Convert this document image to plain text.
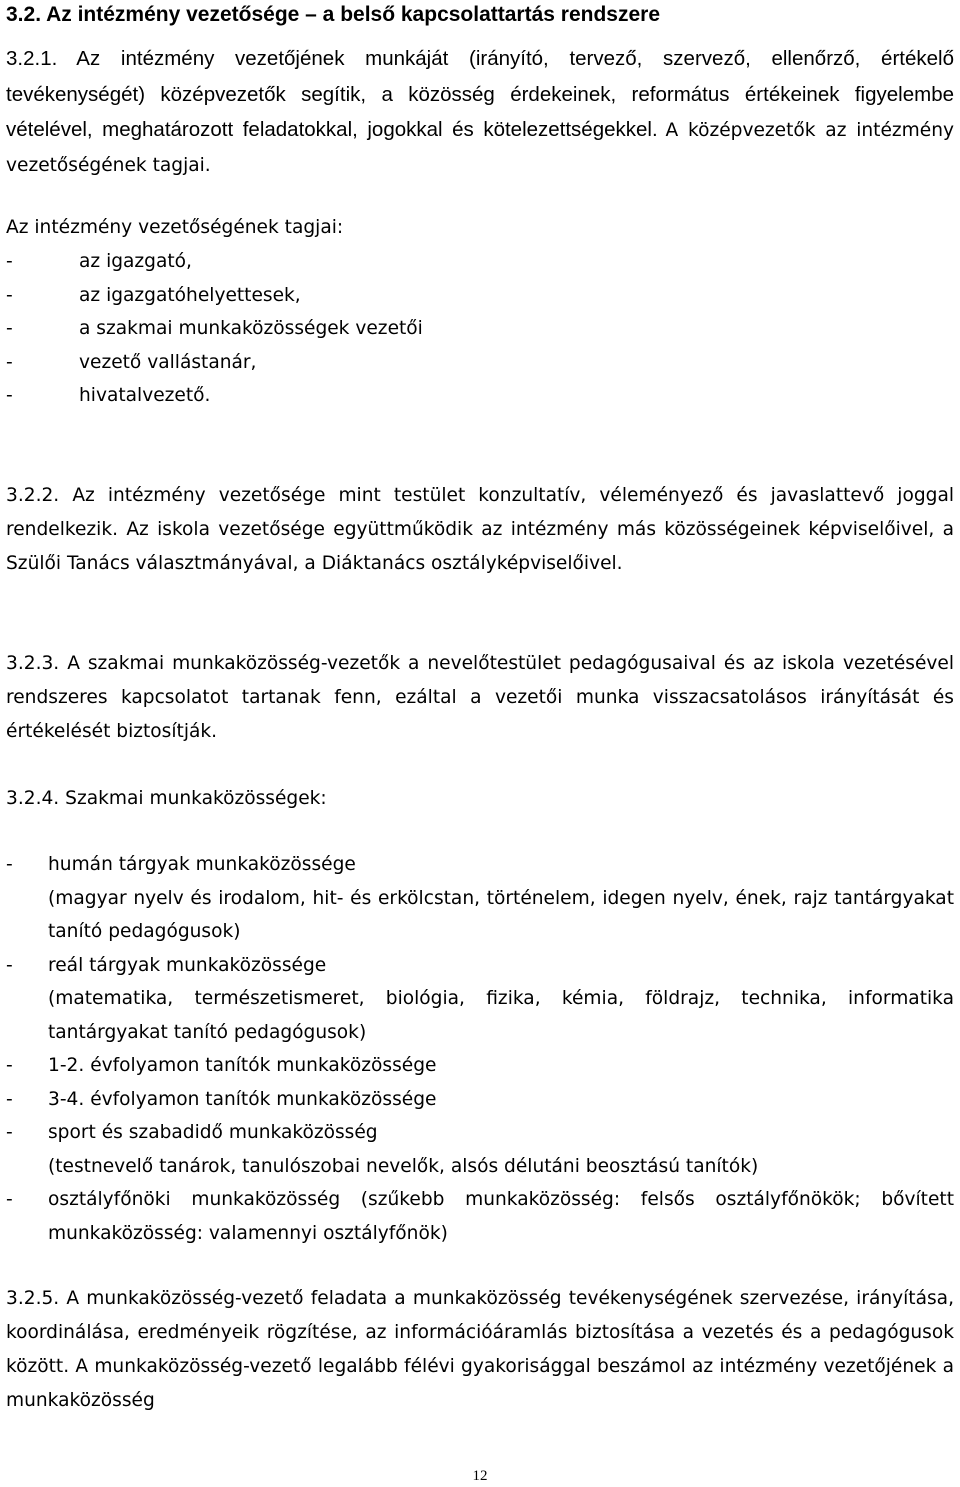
3.2. Az intézmény vezetősége – a belső kapcsolattartás rendszere
3.2.1. Az intézmény vezetőjének munkáját (irányító, tervező, szervező, ellenőrző, értékelő tevékenységét) középvezetők segítik, a közösség érdekeinek, református értékeinek figyelembe vételével, meghatározott feladatokkal, jogokkal és kötelezettségekkel. A középvezetők az intézmény vezetőségének tagjai.
Az intézmény vezetőségének tagjai:
-	az igazgató,
-	az igazgatóhelyettesek,
-	a szakmai munkaközösségek vezetői
-	vezető vallástanár,
-	hivatalvezető.
3.2.2. Az intézmény vezetősége mint testület konzultatív, véleményező és javaslattevő joggal rendelkezik. Az iskola vezetősége együttműködik az intézmény más közösségeinek képviselőivel, a Szülői Tanács választmányával, a Diáktanács osztályképviselőivel.
3.2.3. A szakmai munkaközösség-vezetők a nevelőtestület pedagógusaival és az iskola vezetésével rendszeres kapcsolatot tartanak fenn, ezáltal a vezetői munka visszacsatolásos irányítását és értékelését biztosítják.
3.2.4. Szakmai munkaközösségek:
- humán tárgyak munkaközössége
(magyar nyelv és irodalom, hit- és erkölcstan, történelem, idegen nyelv, ének, rajz tantárgyakat tanító pedagógusok)
- reál tárgyak munkaközössége
(matematika, természetismeret, biológia, fizika, kémia, földrajz, technika, informatika tantárgyakat tanító pedagógusok)
- 1-2. évfolyamon tanítók munkaközössége
- 3-4. évfolyamon tanítók munkaközössége
- sport és szabadidő munkaközösség
(testnevelő tanárok, tanulószobai nevelők, alsós délutáni beosztású tanítók)
- osztályfőnöki munkaközösség (szűkebb munkaközösség: felsős osztályfőnökök; bővített munkaközösség: valamennyi osztályfőnök)
3.2.5. A munkaközösség-vezető feladata a munkaközösség tevékenységének szervezése, irányítása, koordinálása, eredményeik rögzítése, az információáramlás biztosítása a vezetés és a pedagógusok között. A munkaközösség-vezető legalább félévi gyakorisággal beszámol az intézmény vezetőjének a munkaközösség
12
